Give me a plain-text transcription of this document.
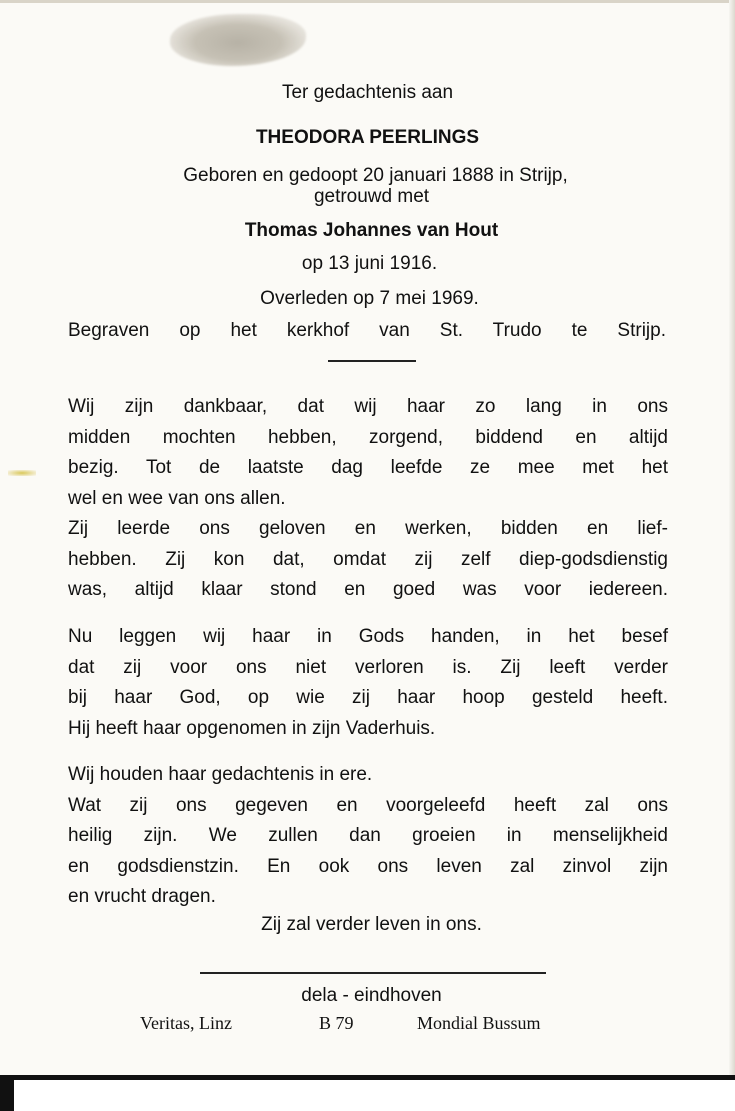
Ter gedachtenis aan
THEODORA PEERLINGS
Geboren en gedoopt 20 januari 1888 in Strijp,
getrouwd met
Thomas Johannes van Hout
op 13 juni 1916.
Overleden op 7 mei 1969.
Begraven op het kerkhof van St. Trudo te Strijp.
Wij zijn dankbaar, dat wij haar zo lang in ons
midden mochten hebben, zorgend, biddend en altijd
bezig. Tot de laatste dag leefde ze mee met het
wel en wee van ons allen.
Zij leerde ons geloven en werken, bidden en lief-
hebben. Zij kon dat, omdat zij zelf diep-godsdienstig
was, altijd klaar stond en goed was voor iedereen.
Nu leggen wij haar in Gods handen, in het besef
dat zij voor ons niet verloren is. Zij leeft verder
bij haar God, op wie zij haar hoop gesteld heeft.
Hij heeft haar opgenomen in zijn Vaderhuis.
Wij houden haar gedachtenis in ere.
Wat zij ons gegeven en voorgeleefd heeft zal ons
heilig zijn. We zullen dan groeien in menselijkheid
en godsdienstzin. En ook ons leven zal zinvol zijn
en vrucht dragen.
Zij zal verder leven in ons.
dela - eindhoven
Veritas, Linz	B 79	Mondial Bussum
